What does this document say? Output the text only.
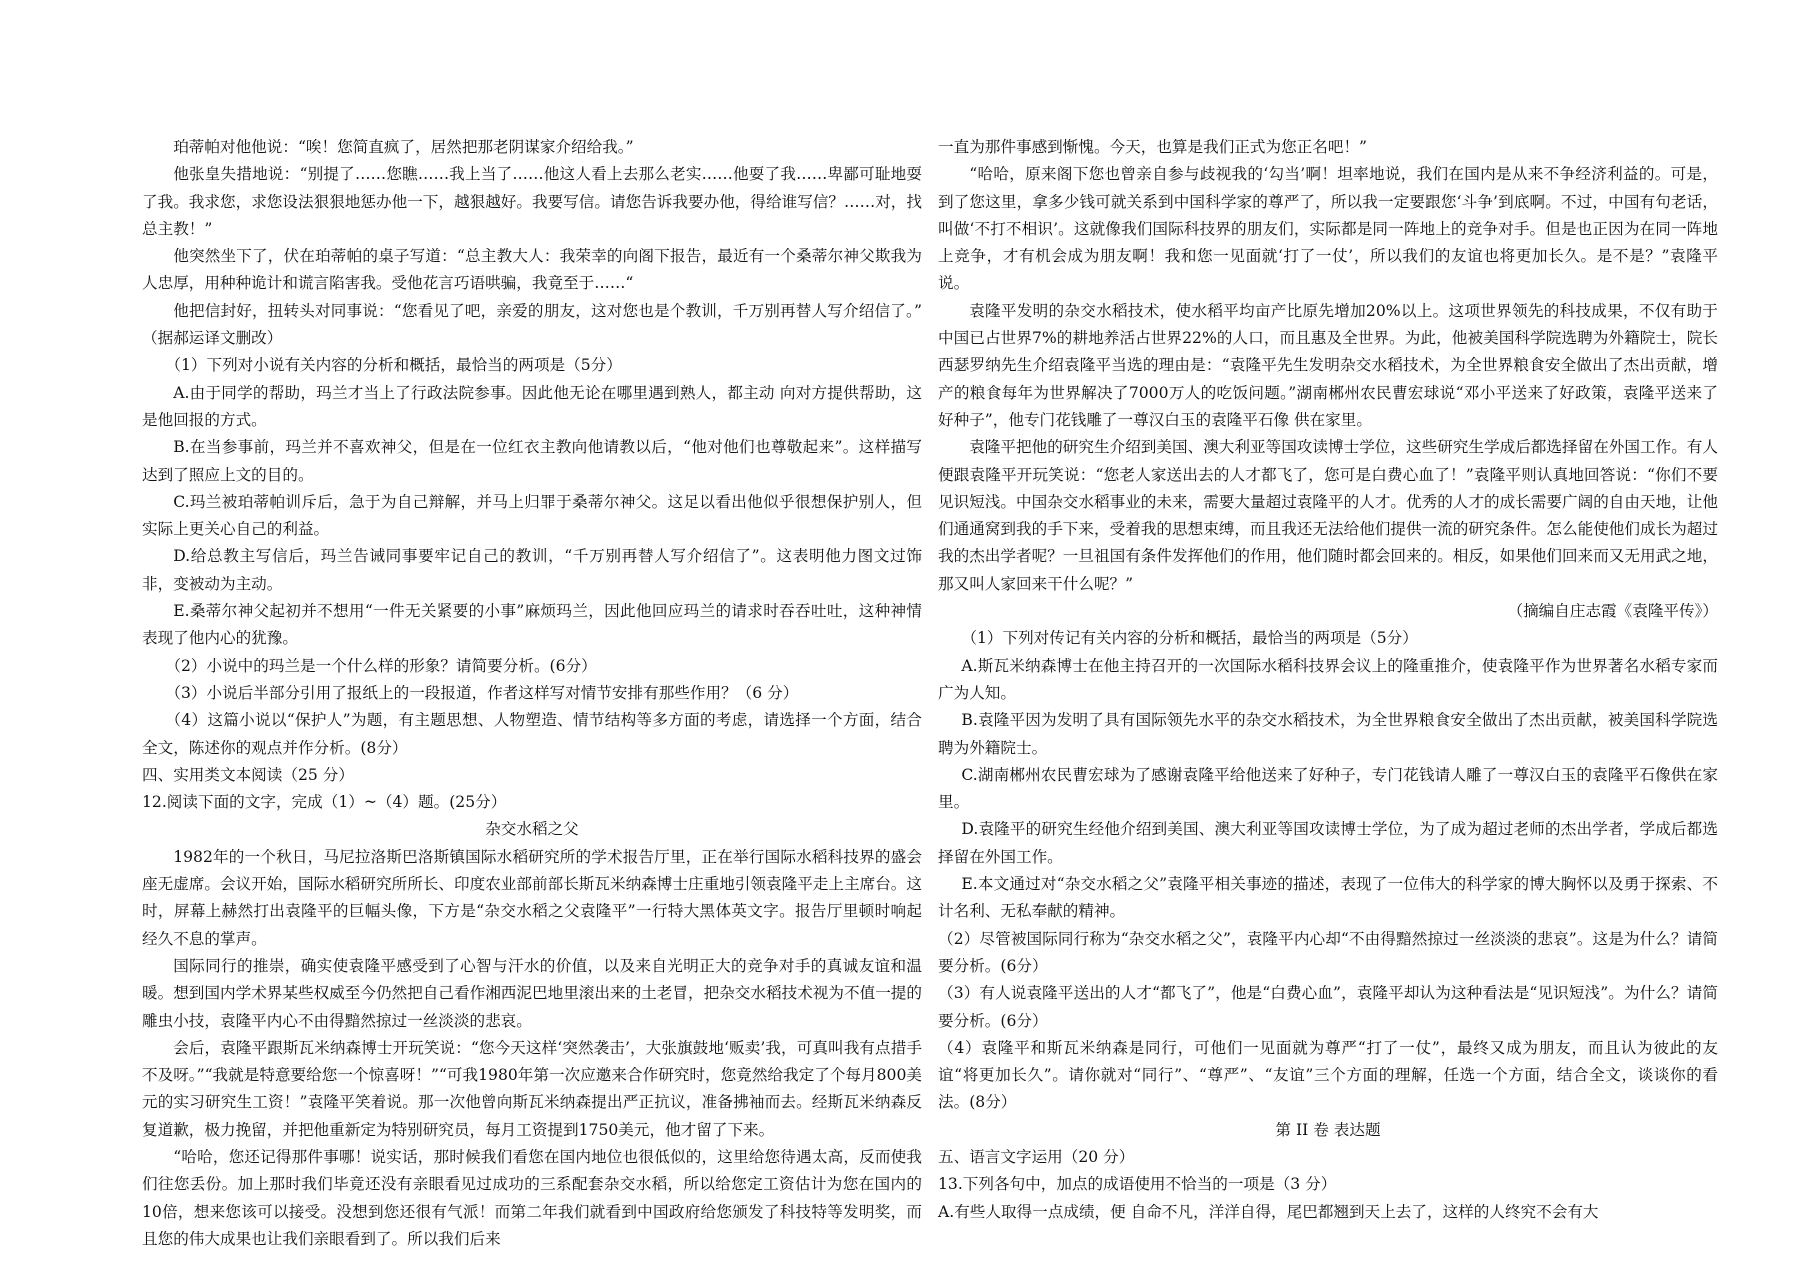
珀蒂帕对他他说：“唉！您简直疯了，居然把那老阴谋家介绍给我。”

他张皇失措地说：“别提了……您瞧……我上当了……他这人看上去那么老实……他耍了我……卑鄙可耻地耍了我。我求您，求您设法狠狠地惩办他一下，越狠越好。我要写信。请您告诉我要办他，得给谁写信？……对，找总主教！”

他突然坐下了，伏在珀蒂帕的桌子写道：“总主教大人：我荣幸的向阁下报告，最近有一个桑蒂尔神父欺我为人忠厚，用种种诡计和谎言陷害我。受他花言巧语哄骗，我竟至于……“

他把信封好，扭转头对同事说：“您看见了吧，亲爱的朋友，这对您也是个教训，千万别再替人写介绍信了。” （据郝运译文删改）

（1）下列对小说有关内容的分析和概括，最恰当的两项是（5分）

A.由于同学的帮助，玛兰才当上了行政法院参事。因此他无论在哪里遇到熟人，都主动 向对方提供帮助，这是他回报的方式。

B.在当参事前，玛兰并不喜欢神父，但是在一位红衣主教向他请教以后，“他对他们也尊敬起来”。这样描写达到了照应上文的目的。

C.玛兰被珀蒂帕训斥后，急于为自己辩解，并马上归罪于桑蒂尔神父。这足以看出他似乎很想保护别人，但实际上更关心自己的利益。

D.给总教主写信后，玛兰告诫同事要牢记自己的教训，“千万别再替人写介绍信了”。这表明他力图文过饰非，变被动为主动。

E.桑蒂尔神父起初并不想用“一件无关紧要的小事”麻烦玛兰，因此他回应玛兰的请求时吞吞吐吐，这种神情表现了他内心的犹豫。

（2）小说中的玛兰是一个什么样的形象？请简要分析。(6分）

（3）小说后半部分引用了报纸上的一段报道，作者这样写对情节安排有那些作用？（6 分）

（4）这篇小说以“保护人”为题，有主题思想、人物塑造、情节结构等多方面的考虑，请选择一个方面，结合全文，陈述你的观点并作分析。(8分）

四、实用类文本阅读（25 分）

12.阅读下面的文字，完成（1）~（4）题。(25分）

杂交水稻之父

1982年的一个秋日，马尼拉洛斯巴洛斯镇国际水稻研究所的学术报告厅里，正在举行国际水稻科技界的盛会座无虚席。会议开始，国际水稻研究所所长、印度农业部前部长斯瓦米纳森博士庄重地引领袁隆平走上主席台。这时，屏幕上赫然打出袁隆平的巨幅头像，下方是“杂交水稻之父袁隆平”一行特大黑体英文字。报告厅里顿时响起经久不息的掌声。

国际同行的推崇，确实使袁隆平感受到了心智与汗水的价值，以及来自光明正大的竞争对手的真诚友谊和温暖。想到国内学术界某些权威至今仍然把自己看作湘西泥巴地里滚出来的土老冒，把杂交水稻技术视为不值一提的雕虫小技，袁隆平内心不由得黯然掠过一丝淡淡的悲哀。

会后，袁隆平跟斯瓦米纳森博士开玩笑说：“您今天这样‘突然袭击’，大张旗鼓地‘贩卖’我，可真叫我有点措手不及呀。”“我就是特意要给您一个惊喜呀！”“可我1980年第一次应邀来合作研究时，您竟然给我定了个每月800美元的实习研究生工资！”袁隆平笑着说。那一次他曾向斯瓦米纳森提出严正抗议，准备拂袖而去。经斯瓦米纳森反复道歉，极力挽留，并把他重新定为特别研究员，每月工资提到1750美元，他才留了下来。

“哈哈，您还记得那件事哪！说实话，那时候我们看您在国内地位也很低似的，这里给您待遇太高，反而使我们往您丢份。加上那时我们毕竟还没有亲眼看见过成功的三系配套杂交水稻，所以给您定工资估计为您在国内的10倍，想来您该可以接受。没想到您还很有气派！而第二年我们就看到中国政府给您颁发了科技特等发明奖，而且您的伟大成果也让我们亲眼看到了。所以我们后来

一直为那件事感到惭愧。今天，也算是我们正式为您正名吧！”

“哈哈，原来阁下您也曾亲自参与歧视我的‘勾当’啊！坦率地说，我们在国内是从来不争经济利益的。可是，到了您这里，拿多少钱可就关系到中国科学家的尊严了，所以我一定要跟您‘斗争’到底啊。不过，中国有句老话，叫做‘不打不相识’。这就像我们国际科技界的朋友们，实际都是同一阵地上的竞争对手。但是也正因为在同一阵地上竞争，才有机会成为朋友啊！我和您一见面就‘打了一仗’，所以我们的友谊也将更加长久。是不是？”袁隆平说。

袁隆平发明的杂交水稻技术，使水稻平均亩产比原先增加20%以上。这项世界领先的科技成果，不仅有助于中国已占世界7%的耕地养活占世界22%的人口，而且惠及全世界。为此，他被美国科学院选聘为外籍院士，院长西瑟罗纳先生介绍袁隆平当选的理由是：“袁隆平先生发明杂交水稻技术，为全世界粮食安全做出了杰出贡献，增产的粮食每年为世界解决了7000万人的吃饭问题。”湖南郴州农民曹宏球说“邓小平送来了好政策，袁隆平送来了好种子”，他专门花钱雕了一尊汉白玉的袁隆平石像 供在家里。

袁隆平把他的研究生介绍到美国、澳大利亚等国攻读博士学位，这些研究生学成后都选择留在外国工作。有人便跟袁隆平开玩笑说：“您老人家送出去的人才都飞了，您可是白费心血了！”袁隆平则认真地回答说：“你们不要见识短浅。中国杂交水稻事业的未来，需要大量超过袁隆平的人才。优秀的人才的成长需要广阔的自由天地，让他们通通窝到我的手下来，受着我的思想束缚，而且我还无法给他们提供一流的研究条件。怎么能使他们成长为超过我的杰出学者呢？一旦祖国有条件发挥他们的作用，他们随时都会回来的。相反，如果他们回来而又无用武之地，那又叫人家回来干什么呢？”

（摘编自庄志霞《袁隆平传》）

（1）下列对传记有关内容的分析和概括，最恰当的两项是（5分）

A.斯瓦米纳森博士在他主持召开的一次国际水稻科技界会议上的隆重推介，使袁隆平作为世界著名水稻专家而广为人知。

B.袁隆平因为发明了具有国际领先水平的杂交水稻技术，为全世界粮食安全做出了杰出贡献，被美国科学院选聘为外籍院士。

C.湖南郴州农民曹宏球为了感谢袁隆平给他送来了好种子，专门花钱请人雕了一尊汉白玉的袁隆平石像供在家里。

D.袁隆平的研究生经他介绍到美国、澳大利亚等国攻读博士学位，为了成为超过老师的杰出学者，学成后都选择留在外国工作。

E.本文通过对“杂交水稻之父”袁隆平相关事迹的描述，表现了一位伟大的科学家的博大胸怀以及勇于探索、不计名利、无私奉献的精神。

（2）尽管被国际同行称为“杂交水稻之父”，袁隆平内心却“不由得黯然掠过一丝淡淡的悲哀”。这是为什么？请简要分析。(6分）

（3）有人说袁隆平送出的人才“都飞了”，他是“白费心血”，袁隆平却认为这种看法是“见识短浅”。为什么？请简要分析。(6分）

（4）袁隆平和斯瓦米纳森是同行，可他们一见面就为尊严“打了一仗”，最终又成为朋友，而且认为彼此的友谊“将更加长久”。请你就对“同行”、“尊严”、“友谊”三个方面的理解，任选一个方面，结合全文，谈谈你的看法。(8分）

第 II 卷 表达题

五、语言文字运用（20 分）

13.下列各句中，加点的成语使用不恰当的一项是（3 分）

A.有些人取得一点成绩，便 自命不凡，洋洋自得，尾巴都翘到天上去了，这样的人终究不会有大
